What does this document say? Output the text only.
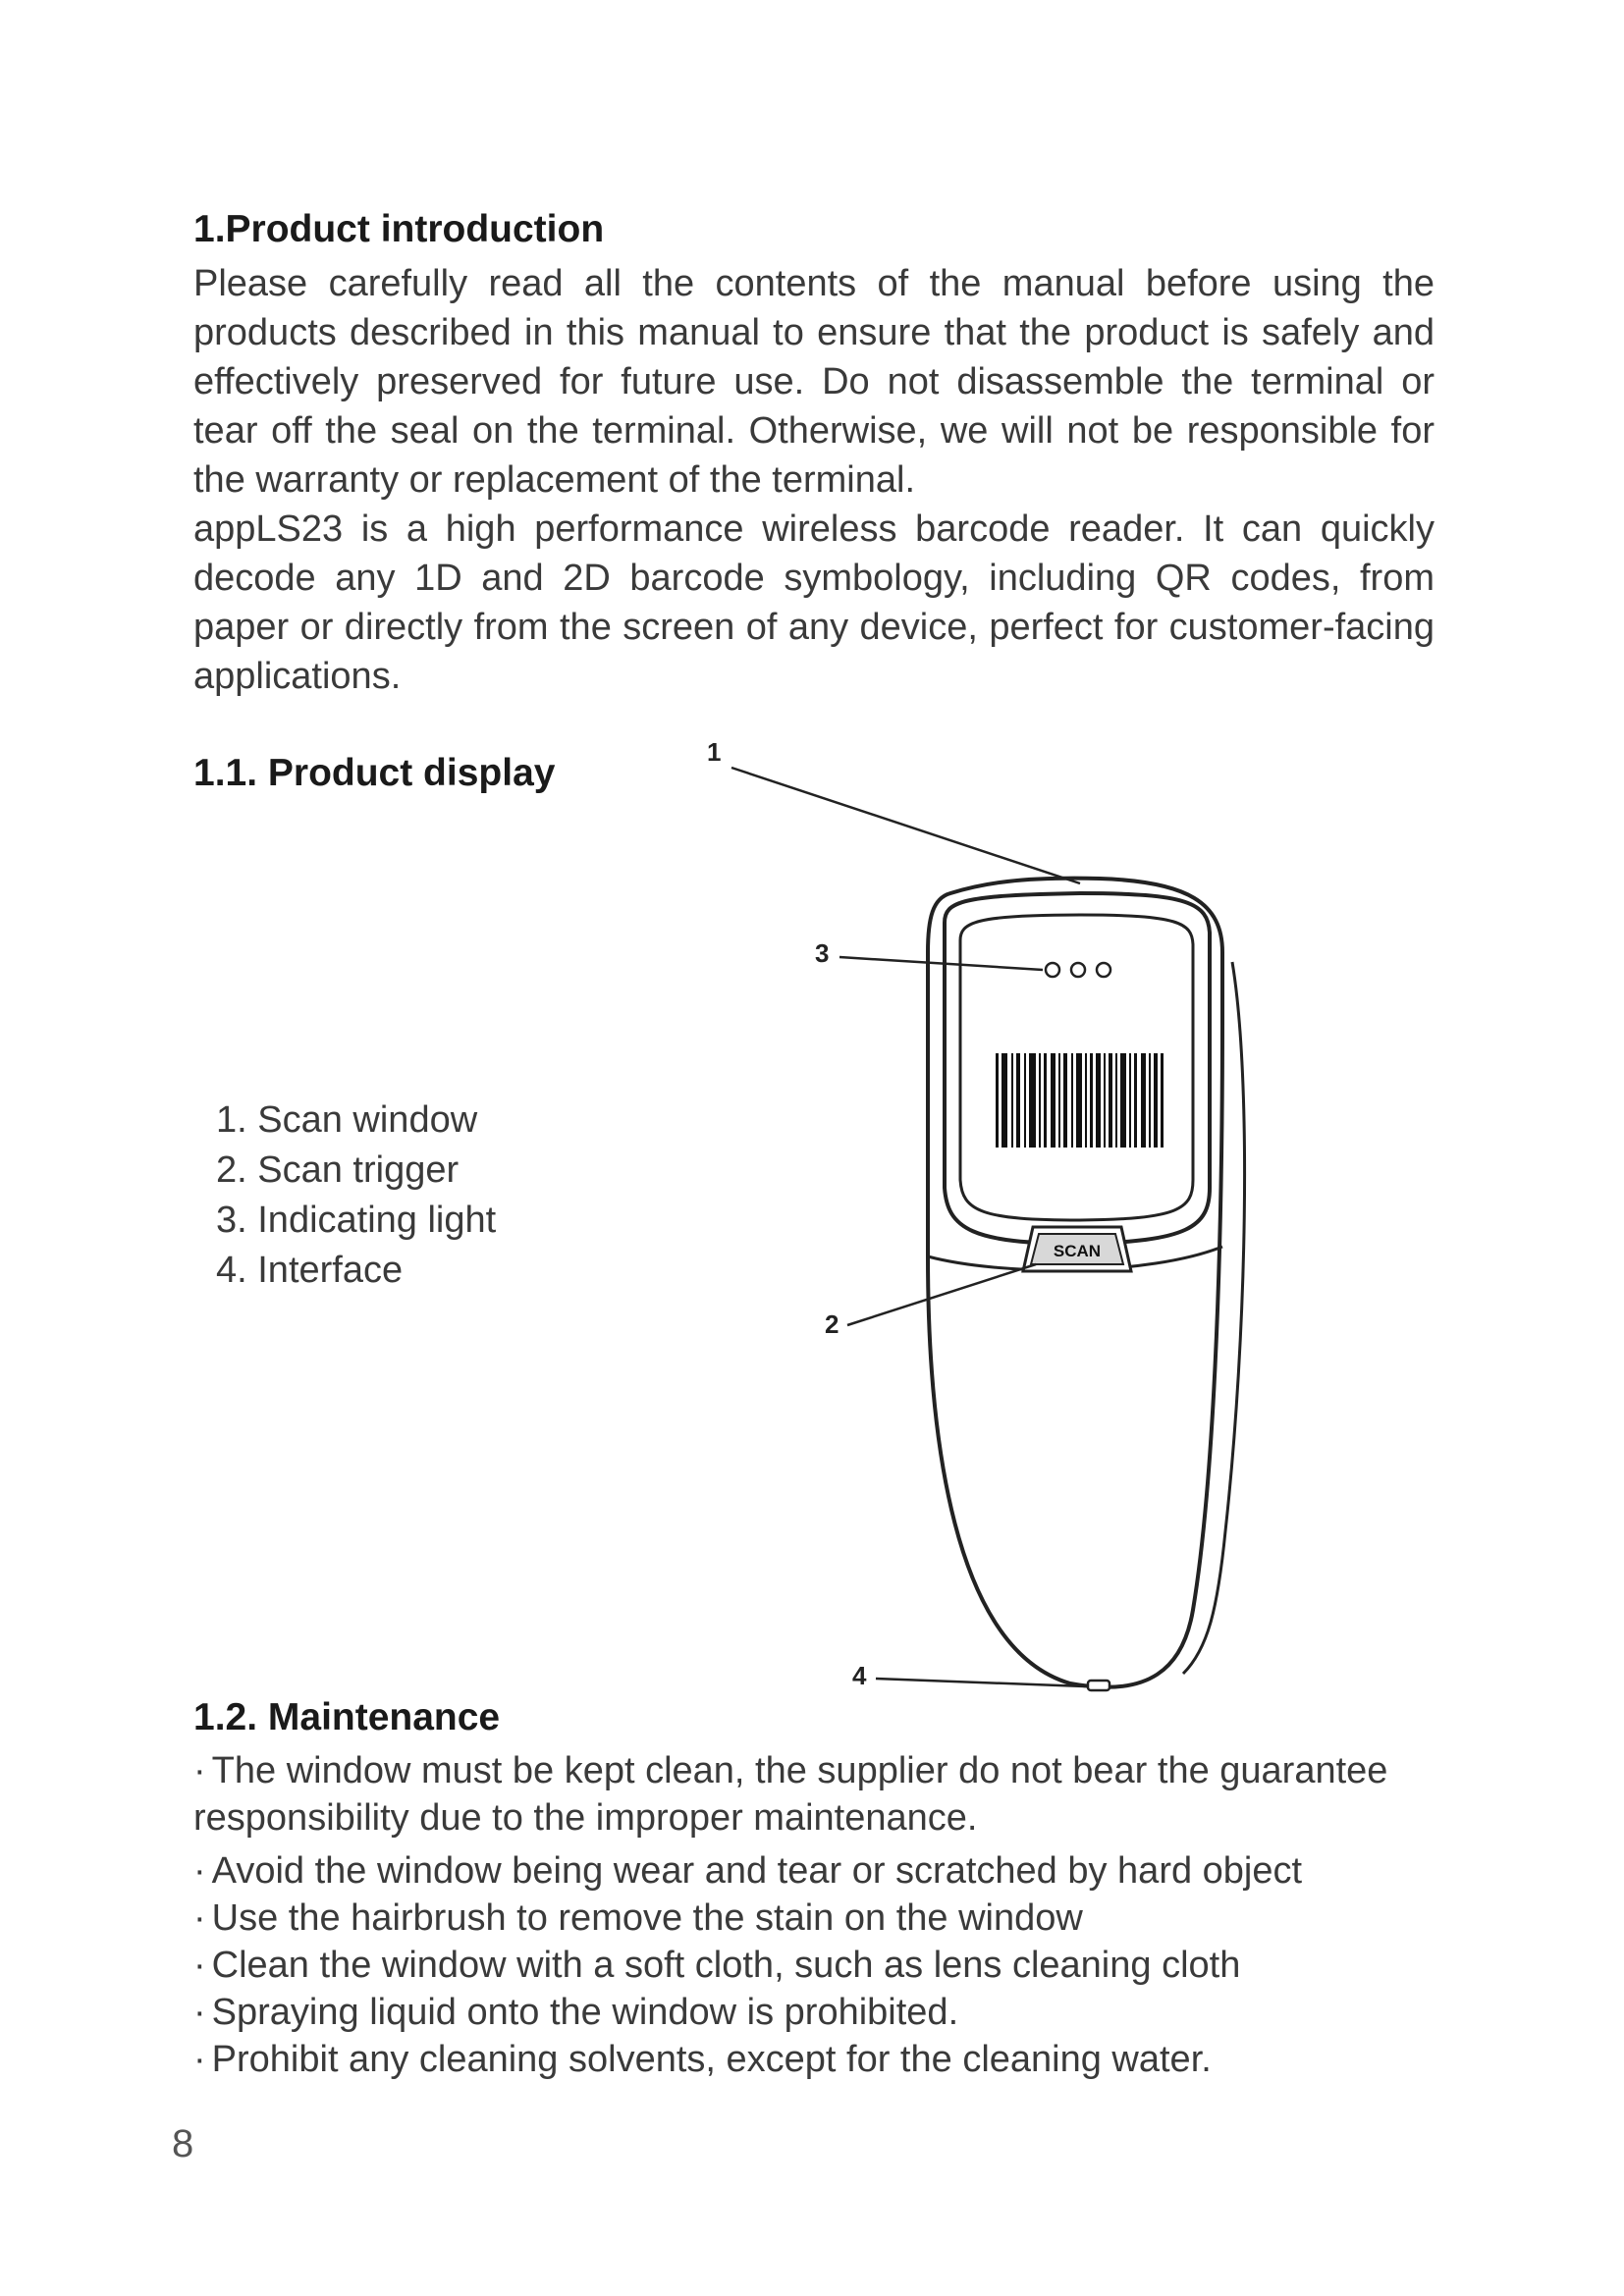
1.Product introduction

Please carefully read all the contents of the manual before using the products described in this manual to ensure that the product is safely and effectively preserved for future use. Do not disassemble the terminal or tear off the seal on the terminal. Otherwise, we will not be responsible for the warranty or replacement of the terminal.

appLS23 is a high performance wireless barcode reader. It can quickly decode any 1D and 2D barcode symbology, including QR codes, from paper or directly from the screen of any device, perfect for customer-facing applications.

1.1. Product display
1. Scan window
2. Scan trigger
3. Indicating light
4. Interface	SCAN
1
3
2
4
1.2. Maintenance
· The window must be kept clean, the supplier do not bear the guarantee responsibility due to the improper maintenance.
· Avoid the window being wear and tear or scratched by hard object
· Use the hairbrush to remove the stain on the window
· Clean the window with a soft cloth, such as lens cleaning cloth
· Spraying liquid onto the window is prohibited.
· Prohibit any cleaning solvents, except for the cleaning water.
8
